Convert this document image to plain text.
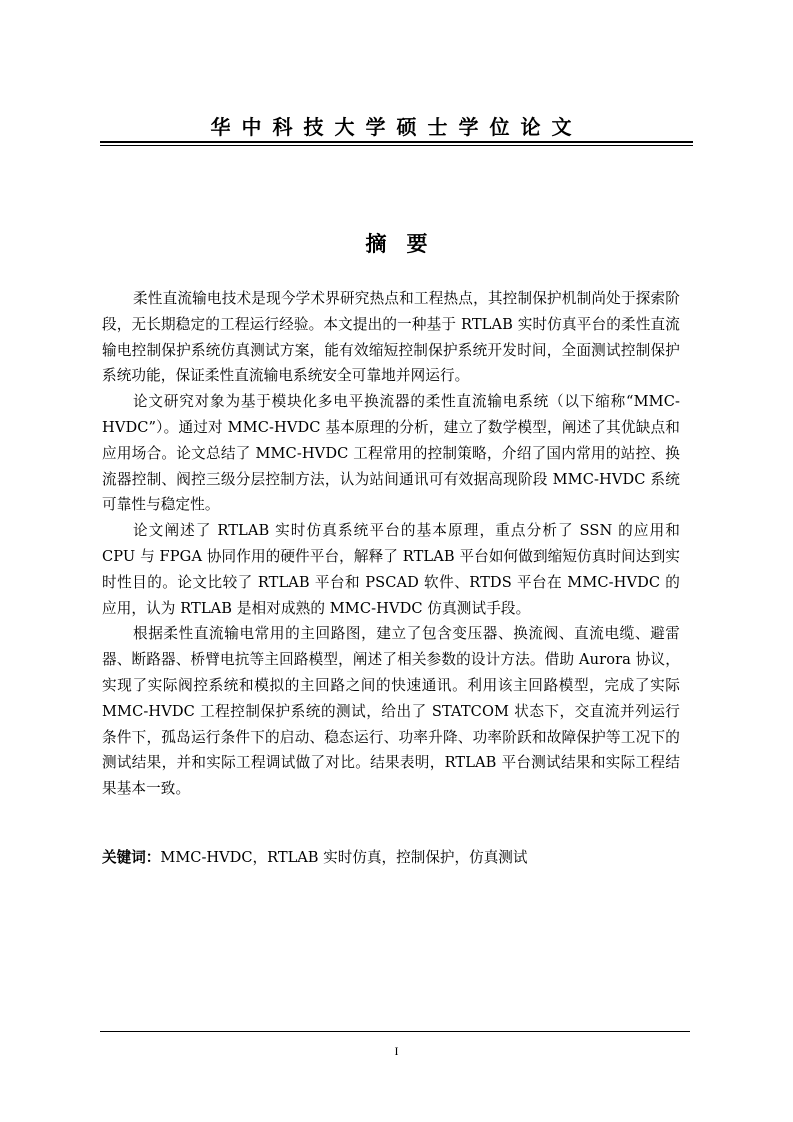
华中科技大学硕士学位论文
摘要

柔性直流输电技术是现今学术界研究热点和工程热点，其控制保护机制尚处于探索阶段，无长期稳定的工程运行经验。本文提出的一种基于 RTLAB 实时仿真平台的柔性直流输电控制保护系统仿真测试方案，能有效缩短控制保护系统开发时间，全面测试控制保护系统功能，保证柔性直流输电系统安全可靠地并网运行。

论文研究对象为基于模块化多电平换流器的柔性直流输电系统（以下缩称“MMC-HVDC”）。通过对 MMC-HVDC 基本原理的分析，建立了数学模型，阐述了其优缺点和应用场合。论文总结了 MMC-HVDC 工程常用的控制策略，介绍了国内常用的站控、换流器控制、阀控三级分层控制方法，认为站间通讯可有效据高现阶段 MMC-HVDC 系统可靠性与稳定性。

论文阐述了 RTLAB 实时仿真系统平台的基本原理，重点分析了 SSN 的应用和 CPU 与 FPGA 协同作用的硬件平台，解释了 RTLAB 平台如何做到缩短仿真时间达到实时性目的。论文比较了 RTLAB 平台和 PSCAD 软件、RTDS 平台在 MMC-HVDC 的应用，认为 RTLAB 是相对成熟的 MMC-HVDC 仿真测试手段。

根据柔性直流输电常用的主回路图，建立了包含变压器、换流阀、直流电缆、避雷器、断路器、桥臂电抗等主回路模型，阐述了相关参数的设计方法。借助 Aurora 协议，实现了实际阀控系统和模拟的主回路之间的快速通讯。利用该主回路模型，完成了实际 MMC-HVDC 工程控制保护系统的测试，给出了 STATCOM 状态下，交直流并列运行条件下，孤岛运行条件下的启动、稳态运行、功率升降、功率阶跃和故障保护等工况下的测试结果，并和实际工程调试做了对比。结果表明，RTLAB 平台测试结果和实际工程结果基本一致。

关键词：MMC-HVDC，RTLAB 实时仿真，控制保护，仿真测试
I
